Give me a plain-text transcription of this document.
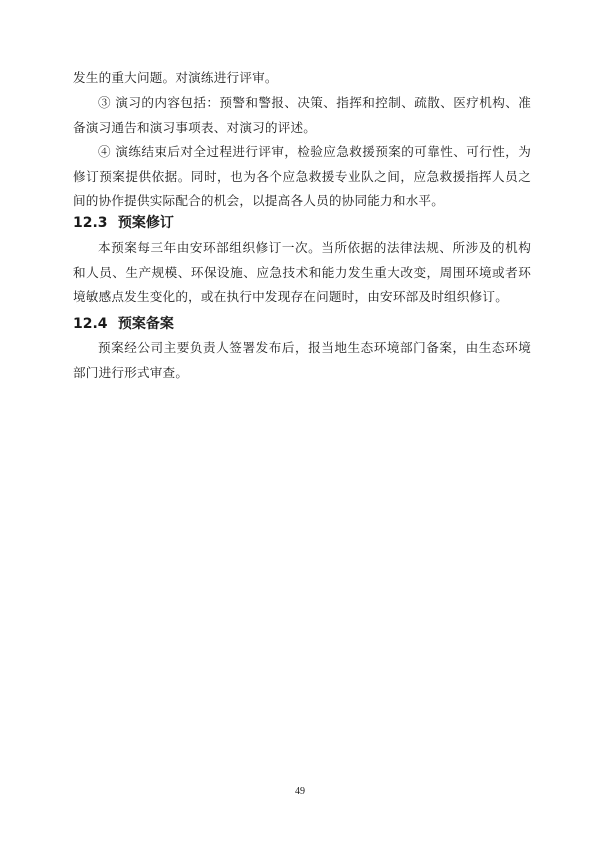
发生的重大问题。对演练进行评审。

③ 演习的内容包括：预警和警报、决策、指挥和控制、疏散、医疗机构、准备演习通告和演习事项表、对演习的评述。

④ 演练结束后对全过程进行评审，检验应急救援预案的可靠性、可行性，为修订预案提供依据。同时，也为各个应急救援专业队之间，应急救援指挥人员之间的协作提供实际配合的机会，以提高各人员的协同能力和水平。

12.3 预案修订

本预案每三年由安环部组织修订一次。当所依据的法律法规、所涉及的机构和人员、生产规模、环保设施、应急技术和能力发生重大改变，周围环境或者环境敏感点发生变化的，或在执行中发现存在问题时，由安环部及时组织修订。

12.4 预案备案

预案经公司主要负责人签署发布后，报当地生态环境部门备案，由生态环境部门进行形式审查。

49
